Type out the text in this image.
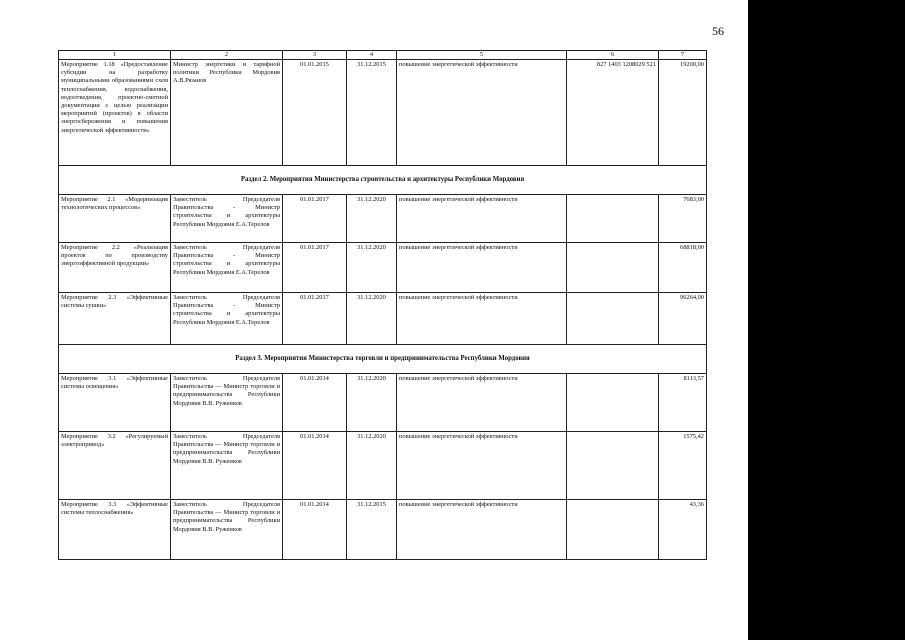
56
1	2	3	4	5	6	7
Мероприятие 1.18 «Предоставление субсидии на разработку муниципальными образованиями схем теплоснабжения, водоснабжения, водоотведения, проектно-сметной документации с целью реализации мероприятий (проектов) в области энергосбережения и повышения энергетической эффективности»	Министр энергетики и тарифной политики Республики Мордовия А.В.Рязанов	01.01.2015	31.12.2015	повышение энергетической эффективности	827 1403 1208029 521	19200,00
Раздел 2. Мероприятия Министерства строительства и архитектуры Республики Мордовия						
Мероприятие 2.1 «Модернизация технологических процессов»	Заместитель Председателя Правительства - Министр строительства и архитектуры Республики Мордовия Е.А.Терелов	01.01.2017	31.12.2020	повышение энергетической эффективности		7683,00
Мероприятие 2.2 «Реализация проектов по производству энергоэффективной продукции»	Заместитель Председателя Правительства - Министр строительства и архитектуры Республики Мордовия Е.А.Терелов	01.01.2017	31.12.2020	повышение энергетической эффективности		68818,00
Мероприятие 2.3 «Эффективные системы сушки»	Заместитель Председателя Правительства - Министр строительства и архитектуры Республики Мордовия Е.А.Терелов	01.01.2017	31.12.2020	повышение энергетической эффективности		96264,00
Раздел 3. Мероприятия Министерства торговли и предпринимательства Республики Мордовия						
Мероприятие 3.1 «Эффективные системы освещения»	Заместитель Председателя Правительства — Министр торговли и предпринимательства Республики Мордовия В.В. Руженков	01.01.2014	31.12.2020	повышение энергетической эффективности		8113,57
Мероприятие 3.2 «Регулируемый электропривод»	Заместитель Председателя Правительства — Министр торговли и предпринимательства Республики Мордовия В.В. Руженков	01.01.2014	31.12.2020	повышение энергетической эффективности		1575,42
Мероприятие 3.3 «Эффективные системы теплоснабжения»	Заместитель Председателя Правительства — Министр торговли и предпринимательства Республики Мордовия В.В. Руженков	01.01.2014	31.12.2015	повышение энергетической эффективности		43,36
